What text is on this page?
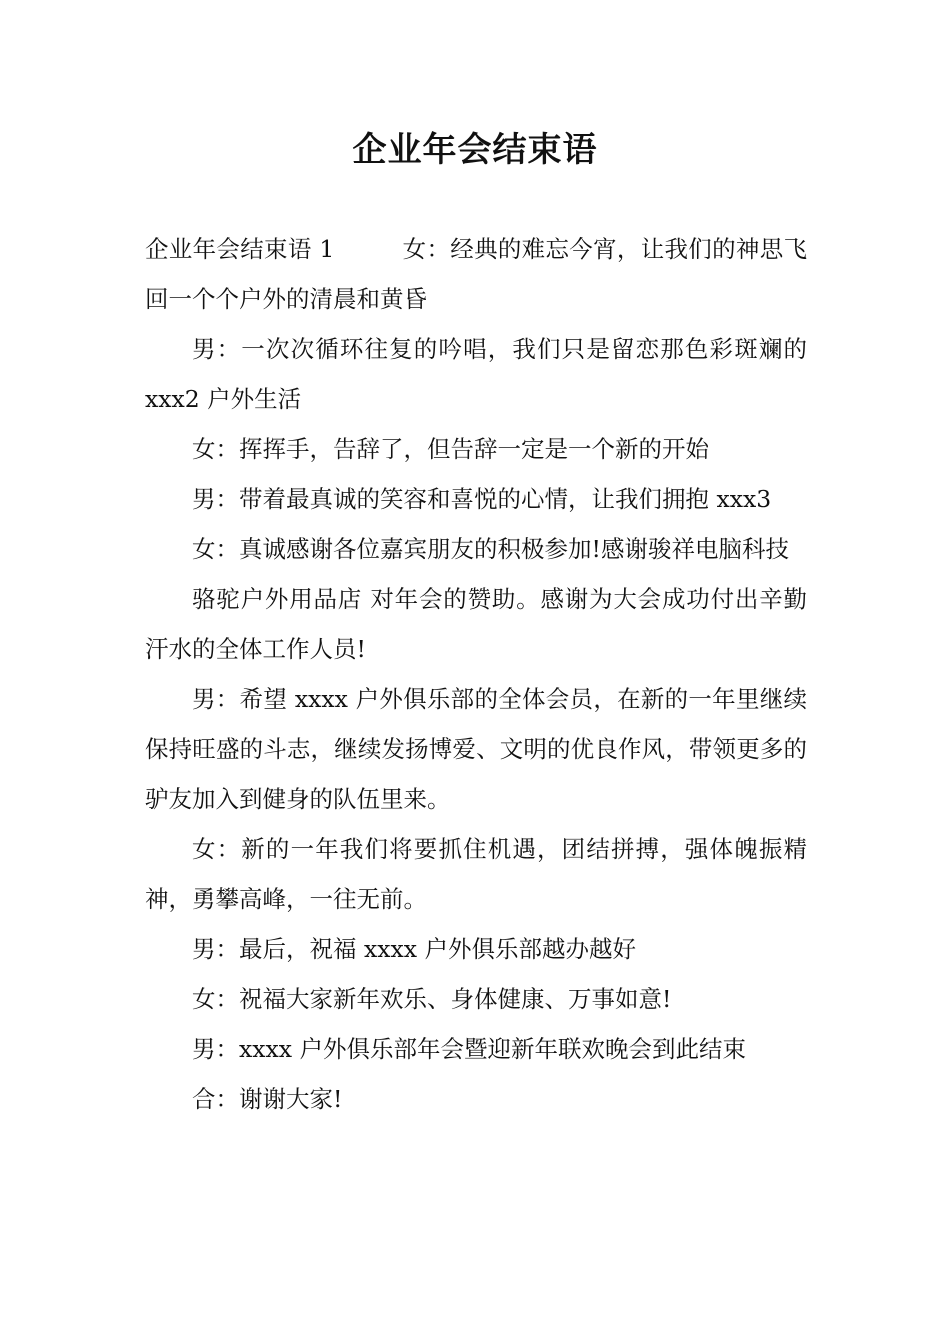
企业年会结束语

企业年会结束语 1	女：经典的难忘今宵，让我们的神思飞回一个个户外的清晨和黄昏

男：一次次循环往复的吟唱，我们只是留恋那色彩斑斓的 xxx2 户外生活

女：挥挥手，告辞了，但告辞一定是一个新的开始

男：带着最真诚的笑容和喜悦的心情，让我们拥抱 xxx3

女：真诚感谢各位嘉宾朋友的积极参加!感谢骏祥电脑科技

骆驼户外用品店 对年会的赞助。感谢为大会成功付出辛勤汗水的全体工作人员!

男：希望 xxxx 户外俱乐部的全体会员，在新的一年里继续保持旺盛的斗志，继续发扬博爱、文明的优良作风，带领更多的驴友加入到健身的队伍里来。

女：新的一年我们将要抓住机遇，团结拼搏，强体魄振精神，勇攀高峰，一往无前。

男：最后，祝福 xxxx 户外俱乐部越办越好

女：祝福大家新年欢乐、身体健康、万事如意!

男：xxxx 户外俱乐部年会暨迎新年联欢晚会到此结束

合：谢谢大家!
